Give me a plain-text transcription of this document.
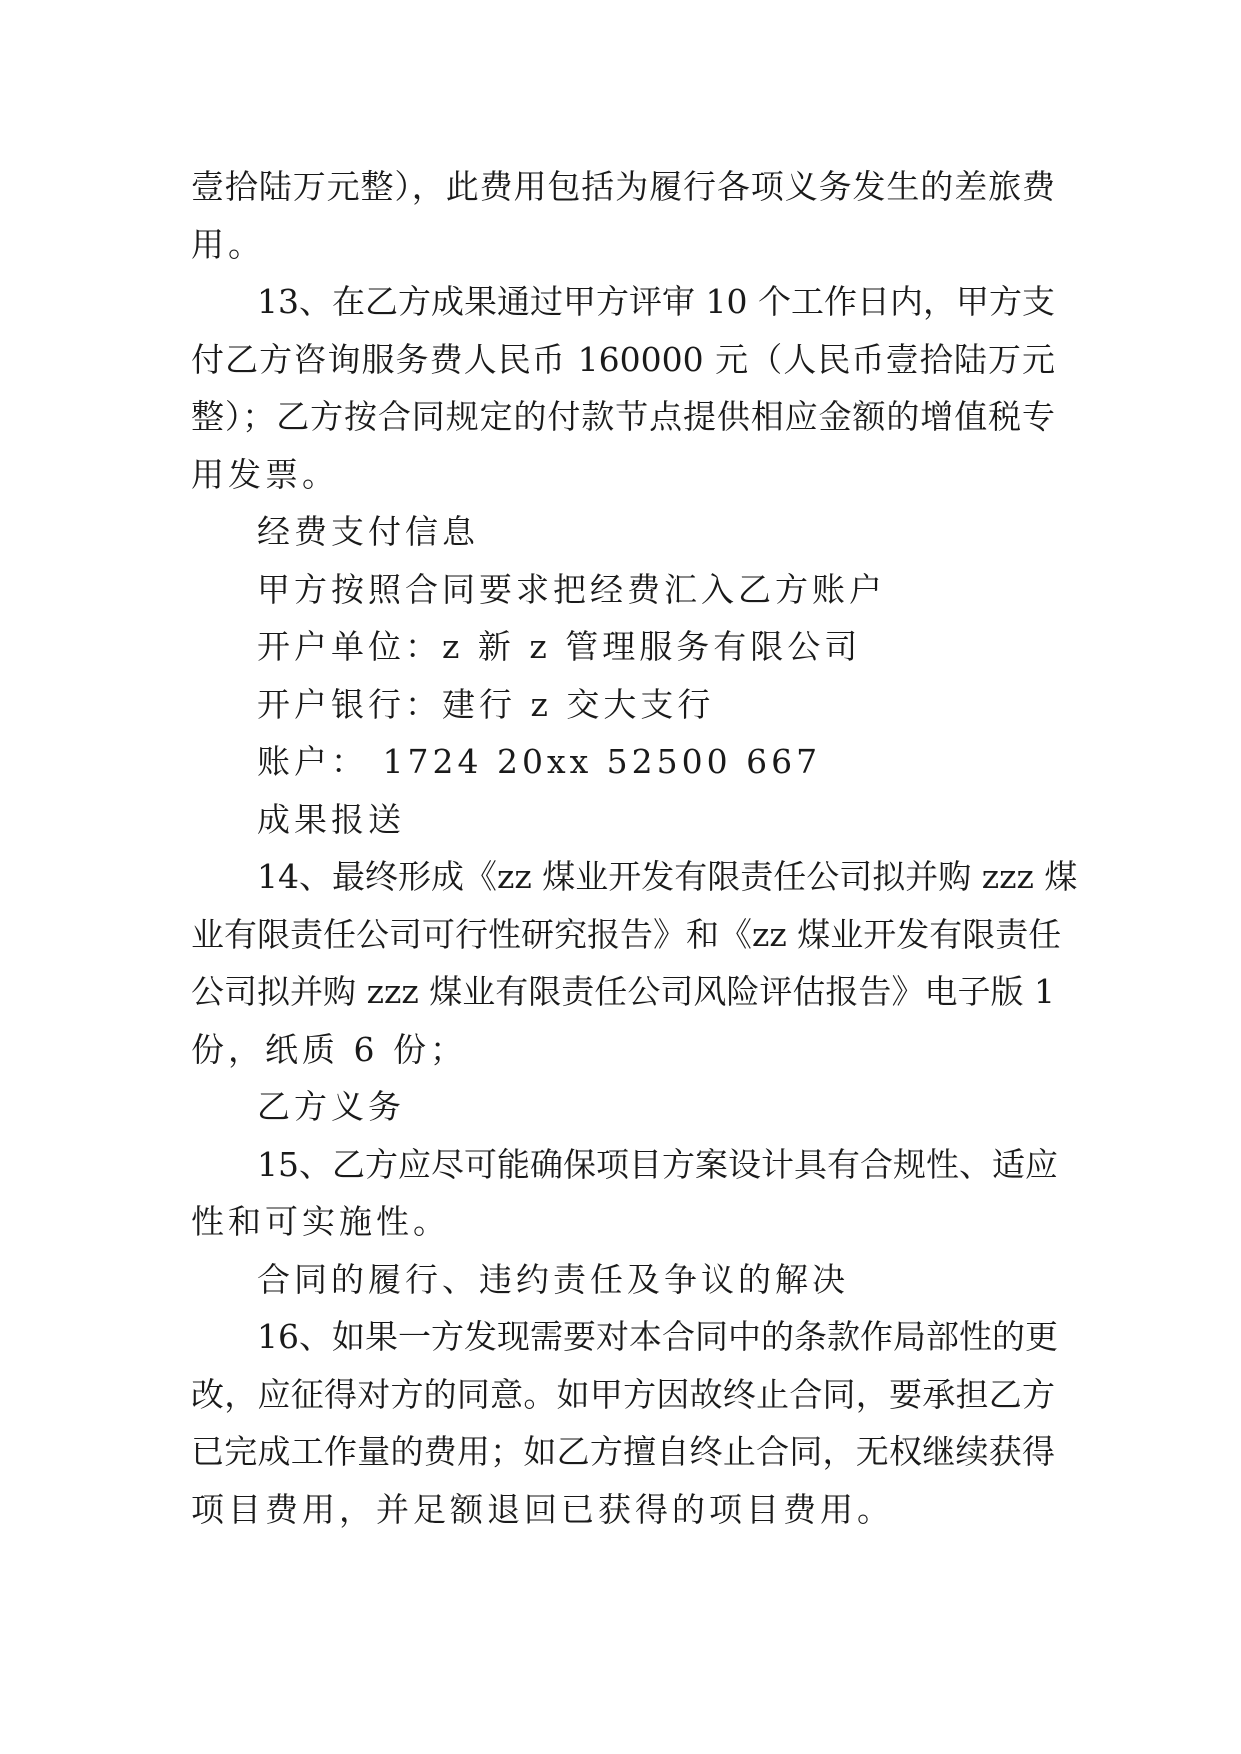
壹拾陆万元整），此费用包括为履行各项义务发生的差旅费
用。
13、在乙方成果通过甲方评审 10 个工作日内，甲方支
付乙方咨询服务费人民币 160000 元（人民币壹拾陆万元
整）；乙方按合同规定的付款节点提供相应金额的增值税专
用发票。
经费支付信息
甲方按照合同要求把经费汇入乙方账户
开户单位：z 新 z 管理服务有限公司
开户银行：建行 z 交大支行
账户： 1724 20xx 52500 667
成果报送
14、最终形成《zz 煤业开发有限责任公司拟并购 zzz 煤
业有限责任公司可行性研究报告》和《zz 煤业开发有限责任
公司拟并购 zzz 煤业有限责任公司风险评估报告》电子版 1
份，纸质 6 份；
乙方义务
15、乙方应尽可能确保项目方案设计具有合规性、适应
性和可实施性。
合同的履行、违约责任及争议的解决
16、如果一方发现需要对本合同中的条款作局部性的更
改，应征得对方的同意。如甲方因故终止合同，要承担乙方
已完成工作量的费用；如乙方擅自终止合同，无权继续获得
项目费用，并足额退回已获得的项目费用。
